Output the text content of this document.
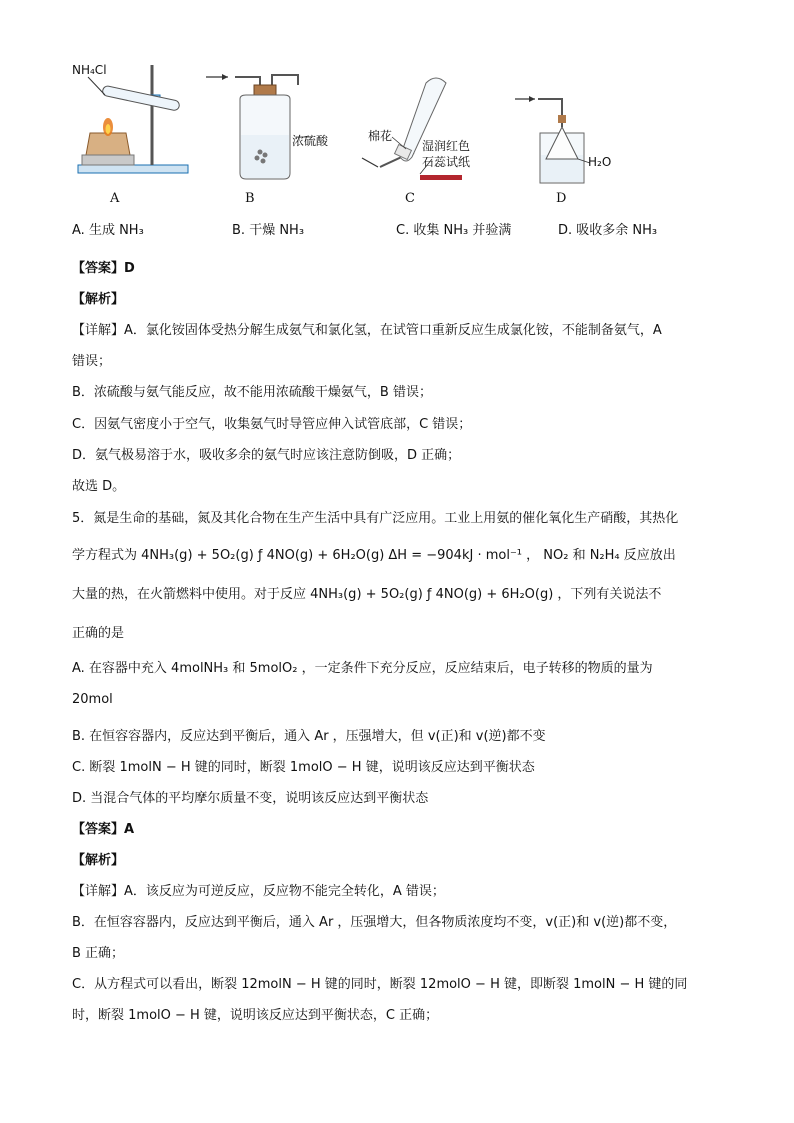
NH₄Cl
A
浓硫酸
B
棉花
湿润红色
石蕊试纸
C
H₂O
D
A. 生成 NH₃	B. 干燥 NH₃	C. 收集 NH₃ 并验满	D. 吸收多余 NH₃
【答案】D
【解析】
【详解】A．氯化铵固体受热分解生成氨气和氯化氢，在试管口重新反应生成氯化铵，不能制备氨气，A
错误；
B．浓硫酸与氨气能反应，故不能用浓硫酸干燥氨气，B 错误；
C．因氨气密度小于空气，收集氨气时导管应伸入试管底部，C 错误；
D．氨气极易溶于水，吸收多余的氨气时应该注意防倒吸，D 正确；
故选 D。
5．氮是生命的基础，氮及其化合物在生产生活中具有广泛应用。工业上用氨的催化氧化生产硝酸，其热化
学方程式为 4NH₃(g) + 5O₂(g) ƒ 4NO(g) + 6H₂O(g) ΔH = −904kJ · mol⁻¹ ， NO₂ 和 N₂H₄ 反应放出
大量的热，在火箭燃料中使用。对于反应 4NH₃(g) + 5O₂(g) ƒ 4NO(g) + 6H₂O(g) ，下列有关说法不
正确的是
A. 在容器中充入 4molNH₃ 和 5molO₂ ，一定条件下充分反应，反应结束后，电子转移的物质的量为
20mol
B. 在恒容容器内，反应达到平衡后，通入 Ar ，压强增大，但 v(正)和 v(逆)都不变
C. 断裂 1molN − H 键的同时，断裂 1molO − H 键，说明该反应达到平衡状态
D. 当混合气体的平均摩尔质量不变，说明该反应达到平衡状态
【答案】A
【解析】
【详解】A．该反应为可逆反应，反应物不能完全转化，A 错误；
B．在恒容容器内，反应达到平衡后，通入 Ar ，压强增大，但各物质浓度均不变，v(正)和 v(逆)都不变，
B 正确；
C．从方程式可以看出，断裂 12molN − H 键的同时，断裂 12molO − H 键，即断裂 1molN − H 键的同
时，断裂 1molO − H 键，说明该反应达到平衡状态，C 正确；
